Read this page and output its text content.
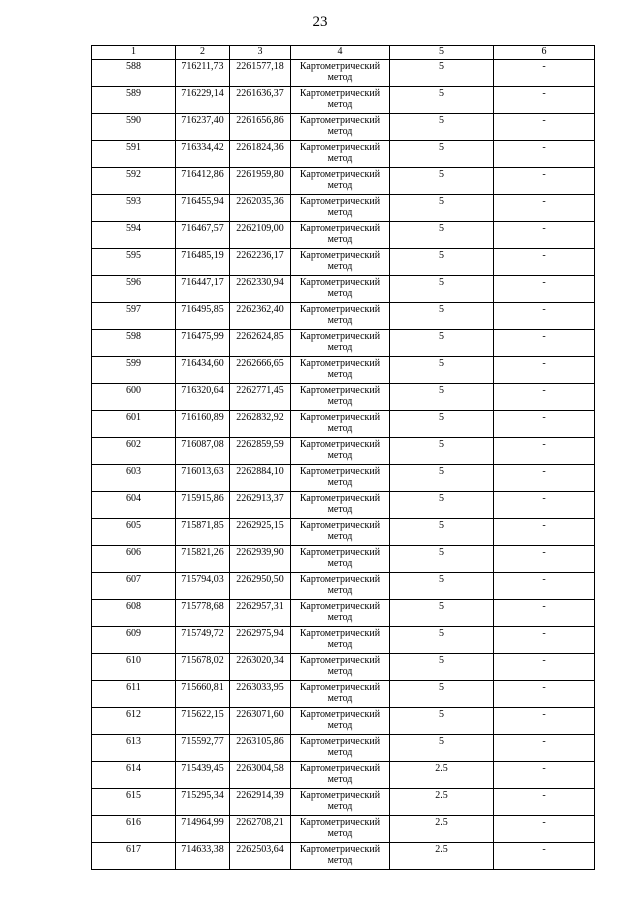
23
1	2	3	4	5	6
588	716211,73	2261577,18	Картометрический метод	5	-
589	716229,14	2261636,37	Картометрический метод	5	-
590	716237,40	2261656,86	Картометрический метод	5	-
591	716334,42	2261824,36	Картометрический метод	5	-
592	716412,86	2261959,80	Картометрический метод	5	-
593	716455,94	2262035,36	Картометрический метод	5	-
594	716467,57	2262109,00	Картометрический метод	5	-
595	716485,19	2262236,17	Картометрический метод	5	-
596	716447,17	2262330,94	Картометрический метод	5	-
597	716495,85	2262362,40	Картометрический метод	5	-
598	716475,99	2262624,85	Картометрический метод	5	-
599	716434,60	2262666,65	Картометрический метод	5	-
600	716320,64	2262771,45	Картометрический метод	5	-
601	716160,89	2262832,92	Картометрический метод	5	-
602	716087,08	2262859,59	Картометрический метод	5	-
603	716013,63	2262884,10	Картометрический метод	5	-
604	715915,86	2262913,37	Картометрический метод	5	-
605	715871,85	2262925,15	Картометрический метод	5	-
606	715821,26	2262939,90	Картометрический метод	5	-
607	715794,03	2262950,50	Картометрический метод	5	-
608	715778,68	2262957,31	Картометрический метод	5	-
609	715749,72	2262975,94	Картометрический метод	5	-
610	715678,02	2263020,34	Картометрический метод	5	-
611	715660,81	2263033,95	Картометрический метод	5	-
612	715622,15	2263071,60	Картометрический метод	5	-
613	715592,77	2263105,86	Картометрический метод	5	-
614	715439,45	2263004,58	Картометрический метод	2.5	-
615	715295,34	2262914,39	Картометрический метод	2.5	-
616	714964,99	2262708,21	Картометрический метод	2.5	-
617	714633,38	2262503,64	Картометрический метод	2.5	-
